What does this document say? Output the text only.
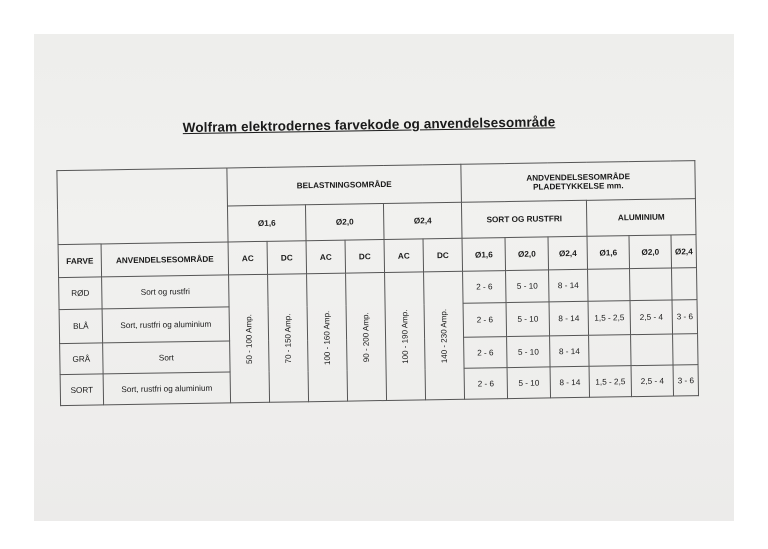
Wolfram elektrodernes farvekode og anvendelsesområde
		BELASTNINGSOMRÅDE						ANDVENDELSESOMRÅDE
PLADETYKKELSE mm.					

		Ø1,6		Ø2,0		Ø2,4		SORT OG RUSTFRI			ALUMINIUM		
FARVE	ANVENDELSESOMRÅDE	AC	DC	AC	DC	AC	DC	Ø1,6	Ø2,0	Ø2,4	Ø1,6	Ø2,0	Ø2,4
RØD	Sort og rustfri	50 - 100 Amp.	70 - 150 Amp.	100 - 160 Amp.	90 - 200 Amp.	100 - 190 Amp.	140 - 230 Amp.	2 - 6	5 - 10	8 - 14			
BLÅ	Sort, rustfri og aluminium							2 - 6	5 - 10	8 - 14	1,5 - 2,5	2,5 - 4	3 - 6
GRÅ	Sort							2 - 6	5 - 10	8 - 14			
SORT	Sort, rustfri og aluminium							2 - 6	5 - 10	8 - 14	1,5 - 2,5	2,5 - 4	3 - 6
